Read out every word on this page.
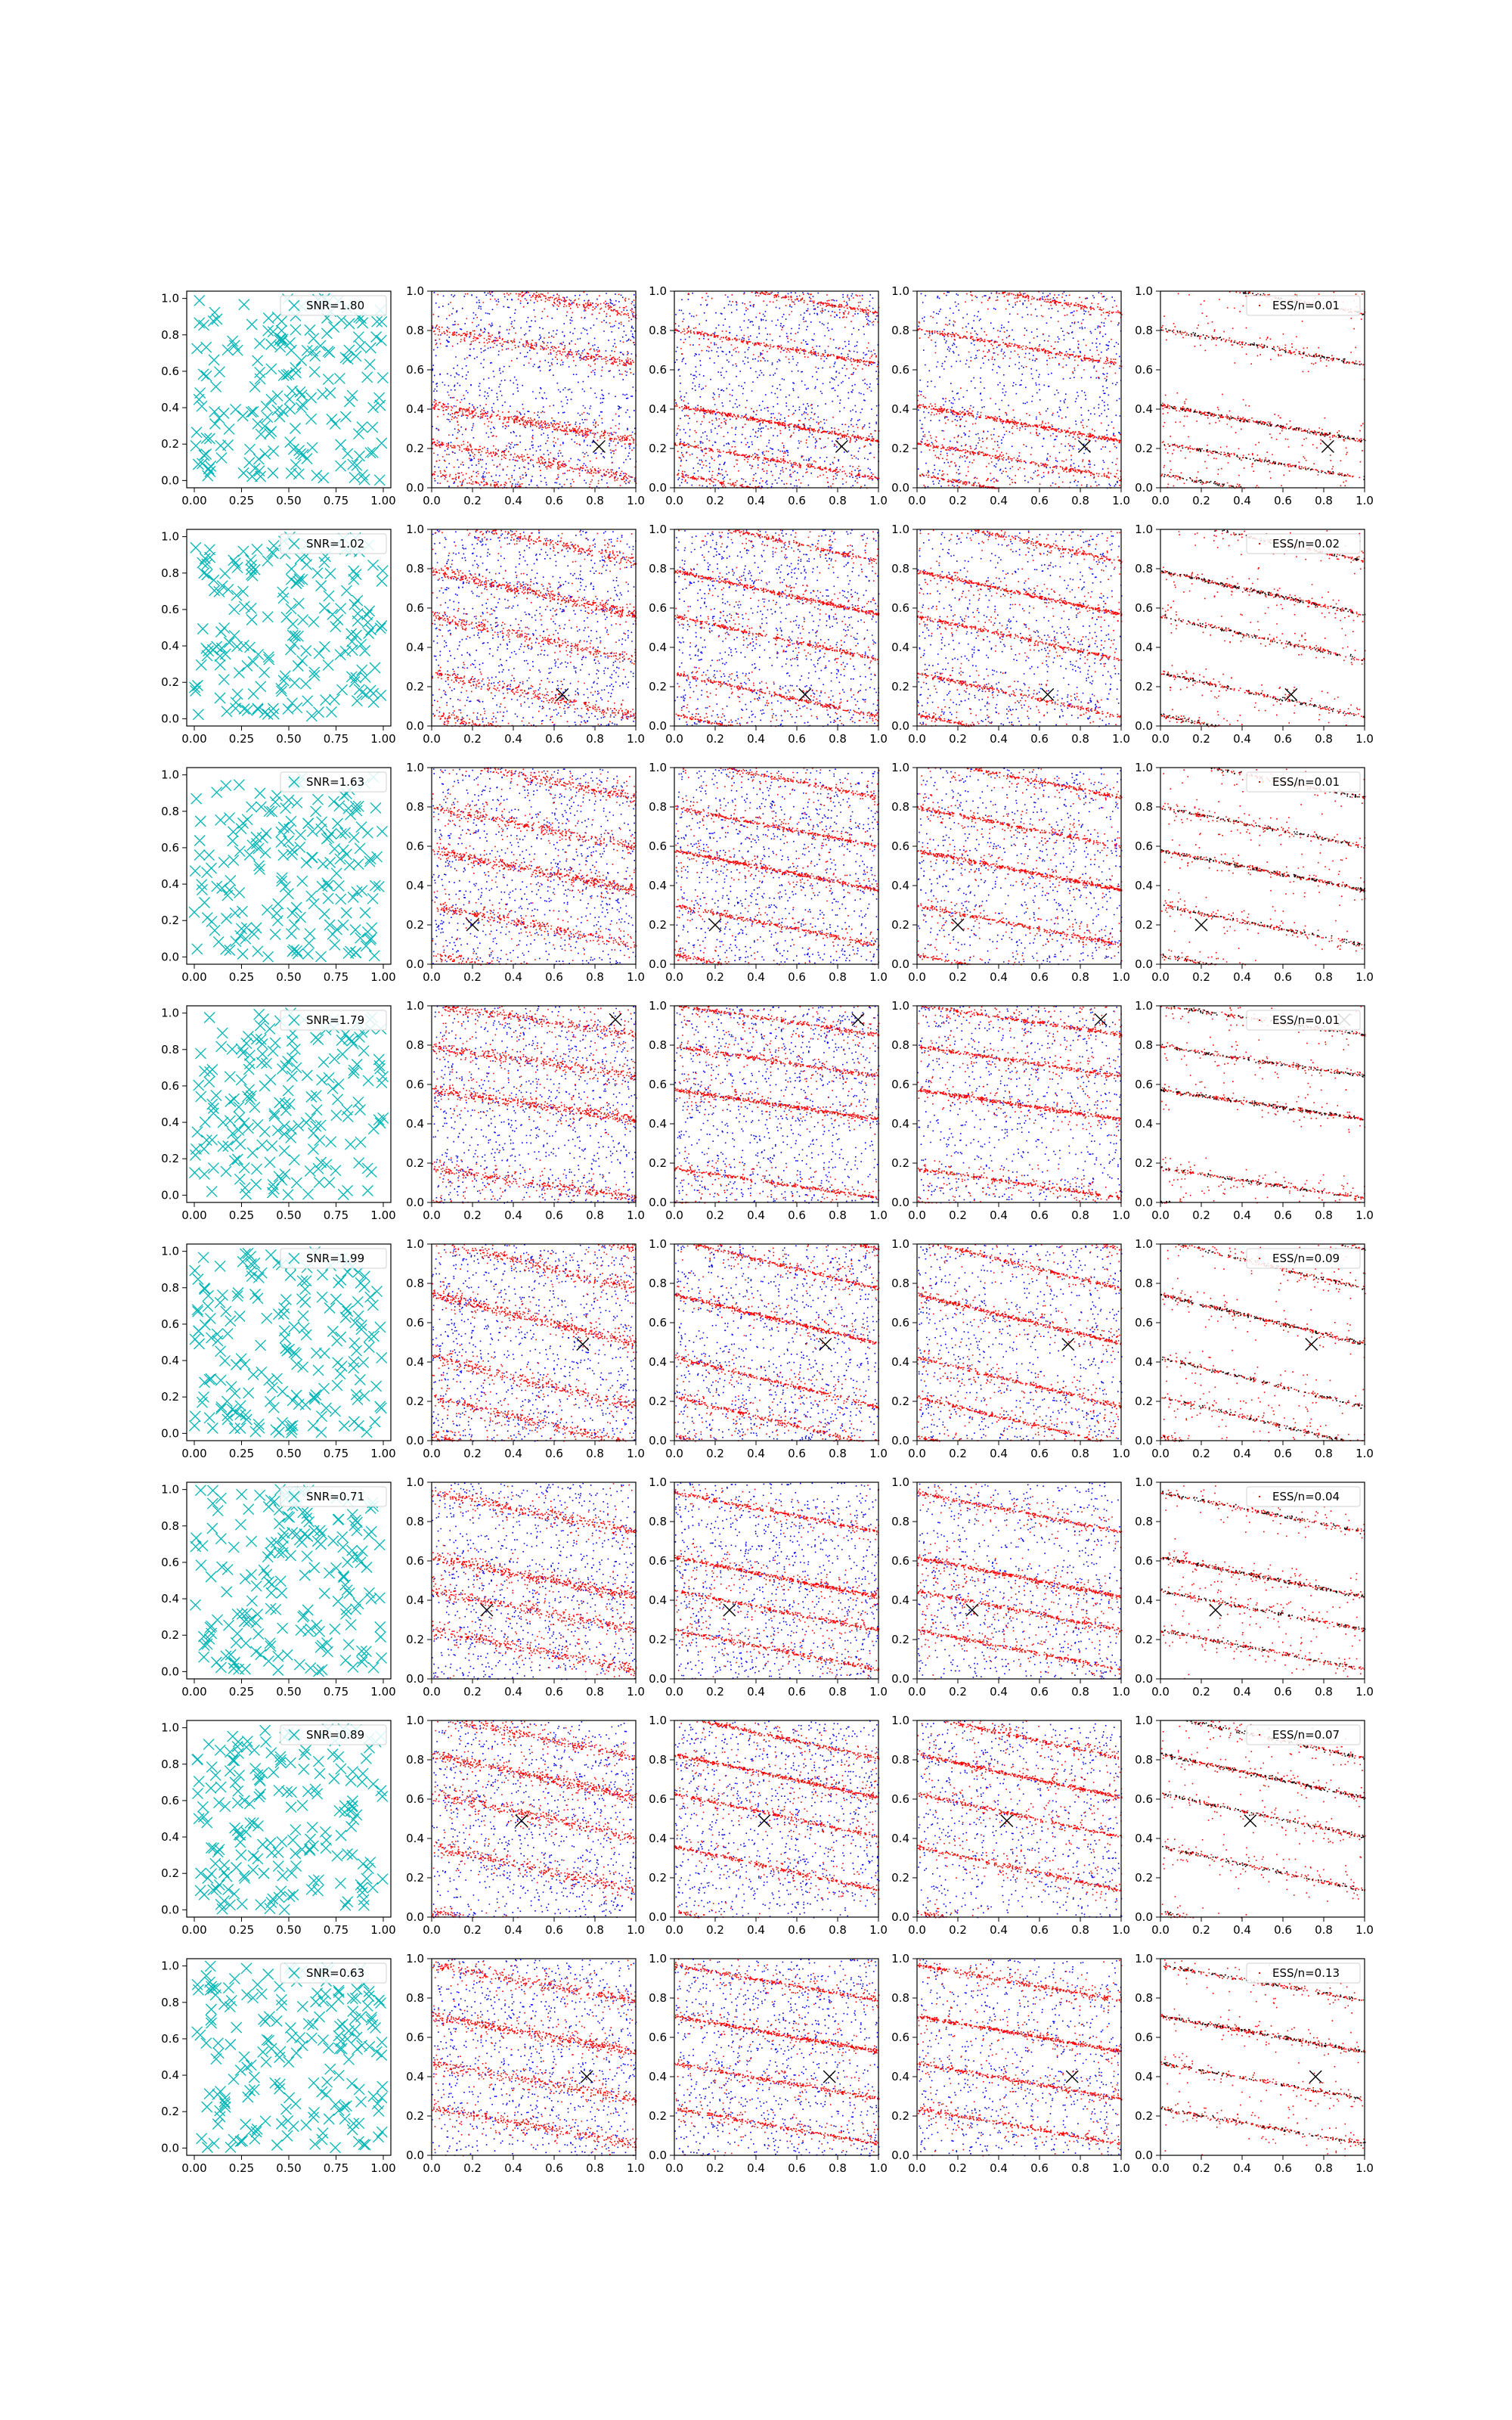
0.00 0.25 0.50 0.75 1.00
0.0
0.2
0.4
0.6
0.8
1.0
SNR=1.80
0.0 0.2 0.4 0.6 0.8 1.0
0.0
0.2
0.4
0.6
0.8
1.0
0.0 0.2 0.4 0.6 0.8 1.0
0.0
0.2
0.4
0.6
0.8
1.0
0.0 0.2 0.4 0.6 0.8 1.0
0.0
0.2
0.4
0.6
0.8
1.0
0.0 0.2 0.4 0.6 0.8 1.0
0.0
0.2
0.4
0.6
0.8
1.0
ESS/n=0.01
0.00 0.25 0.50 0.75 1.00
0.0
0.2
0.4
0.6
0.8
1.0
SNR=1.02
0.0 0.2 0.4 0.6 0.8 1.0
0.0
0.2
0.4
0.6
0.8
1.0
0.0 0.2 0.4 0.6 0.8 1.0
0.0
0.2
0.4
0.6
0.8
1.0
0.0 0.2 0.4 0.6 0.8 1.0
0.0
0.2
0.4
0.6
0.8
1.0
0.0 0.2 0.4 0.6 0.8 1.0
0.0
0.2
0.4
0.6
0.8
1.0
ESS/n=0.02
0.00 0.25 0.50 0.75 1.00
0.0
0.2
0.4
0.6
0.8
1.0
SNR=1.63
0.0 0.2 0.4 0.6 0.8 1.0
0.0
0.2
0.4
0.6
0.8
1.0
0.0 0.2 0.4 0.6 0.8 1.0
0.0
0.2
0.4
0.6
0.8
1.0
0.0 0.2 0.4 0.6 0.8 1.0
0.0
0.2
0.4
0.6
0.8
1.0
0.0 0.2 0.4 0.6 0.8 1.0
0.0
0.2
0.4
0.6
0.8
1.0
ESS/n=0.01
0.00 0.25 0.50 0.75 1.00
0.0
0.2
0.4
0.6
0.8
1.0
SNR=1.79
0.0 0.2 0.4 0.6 0.8 1.0
0.0
0.2
0.4
0.6
0.8
1.0
0.0 0.2 0.4 0.6 0.8 1.0
0.0
0.2
0.4
0.6
0.8
1.0
0.0 0.2 0.4 0.6 0.8 1.0
0.0
0.2
0.4
0.6
0.8
1.0
0.0 0.2 0.4 0.6 0.8 1.0
0.0
0.2
0.4
0.6
0.8
1.0
ESS/n=0.01
0.00 0.25 0.50 0.75 1.00
0.0
0.2
0.4
0.6
0.8
1.0
SNR=1.99
0.0 0.2 0.4 0.6 0.8 1.0
0.0
0.2
0.4
0.6
0.8
1.0
0.0 0.2 0.4 0.6 0.8 1.0
0.0
0.2
0.4
0.6
0.8
1.0
0.0 0.2 0.4 0.6 0.8 1.0
0.0
0.2
0.4
0.6
0.8
1.0
0.0 0.2 0.4 0.6 0.8 1.0
0.0
0.2
0.4
0.6
0.8
1.0
ESS/n=0.09
0.00 0.25 0.50 0.75 1.00
0.0
0.2
0.4
0.6
0.8
1.0
SNR=0.71
0.0 0.2 0.4 0.6 0.8 1.0
0.0
0.2
0.4
0.6
0.8
1.0
0.0 0.2 0.4 0.6 0.8 1.0
0.0
0.2
0.4
0.6
0.8
1.0
0.0 0.2 0.4 0.6 0.8 1.0
0.0
0.2
0.4
0.6
0.8
1.0
0.0 0.2 0.4 0.6 0.8 1.0
0.0
0.2
0.4
0.6
0.8
1.0
ESS/n=0.04
0.00 0.25 0.50 0.75 1.00
0.0
0.2
0.4
0.6
0.8
1.0
SNR=0.89
0.0 0.2 0.4 0.6 0.8 1.0
0.0
0.2
0.4
0.6
0.8
1.0
0.0 0.2 0.4 0.6 0.8 1.0
0.0
0.2
0.4
0.6
0.8
1.0
0.0 0.2 0.4 0.6 0.8 1.0
0.0
0.2
0.4
0.6
0.8
1.0
0.0 0.2 0.4 0.6 0.8 1.0
0.0
0.2
0.4
0.6
0.8
1.0
ESS/n=0.07
0.00 0.25 0.50 0.75 1.00
0.0
0.2
0.4
0.6
0.8
1.0
SNR=0.63
0.0 0.2 0.4 0.6 0.8 1.0
0.0
0.2
0.4
0.6
0.8
1.0
0.0 0.2 0.4 0.6 0.8 1.0
0.0
0.2
0.4
0.6
0.8
1.0
0.0 0.2 0.4 0.6 0.8 1.0
0.0
0.2
0.4
0.6
0.8
1.0
0.0 0.2 0.4 0.6 0.8 1.0
0.0
0.2
0.4
0.6
0.8
1.0
ESS/n=0.13
